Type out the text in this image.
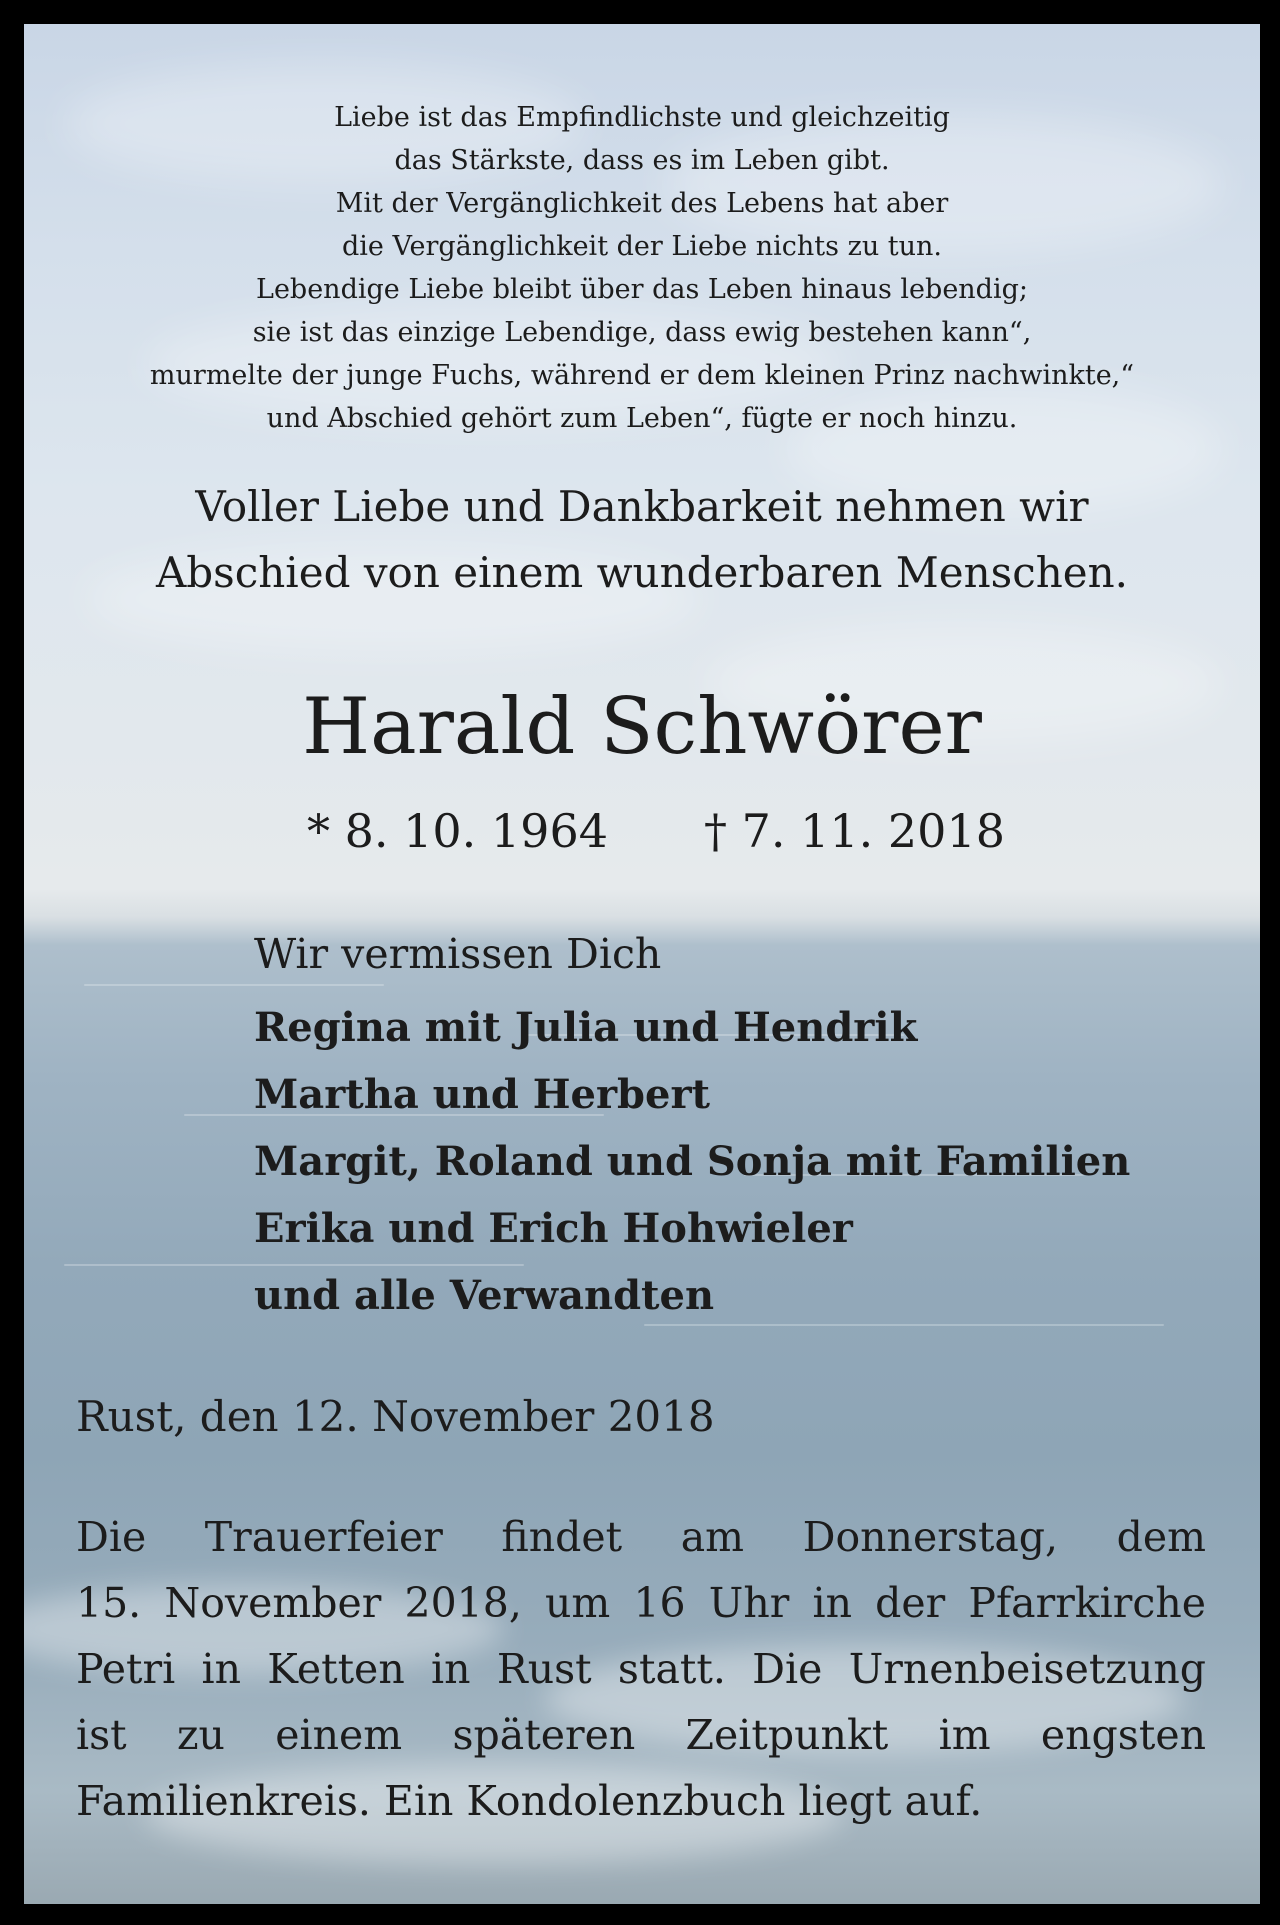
Liebe ist das Empfindlichste und gleichzeitig
das Stärkste, dass es im Leben gibt.
Mit der Vergänglichkeit des Lebens hat aber
die Vergänglichkeit der Liebe nichts zu tun.
Lebendige Liebe bleibt über das Leben hinaus lebendig;
sie ist das einzige Lebendige, dass ewig bestehen kann“,
murmelte der junge Fuchs, während er dem kleinen Prinz nachwinkte,“
und Abschied gehört zum Leben“, fügte er noch hinzu.
Voller Liebe und Dankbarkeit nehmen wir
Abschied von einem wunderbaren Menschen.
Harald Schwörer
* 8. 10. 1964 † 7. 11. 2018
Wir vermissen Dich
Regina mit Julia und Hendrik
Martha und Herbert
Margit, Roland und Sonja mit Familien
Erika und Erich Hohwieler
und alle Verwandten
Rust, den 12. November 2018
Die Trauerfeier findet am Donnerstag, dem
15. November 2018, um 16 Uhr in der Pfarrkirche
Petri in Ketten in Rust statt. Die Urnenbeisetzung
ist zu einem späteren Zeitpunkt im engsten
Familienkreis. Ein Kondolenzbuch liegt auf.
